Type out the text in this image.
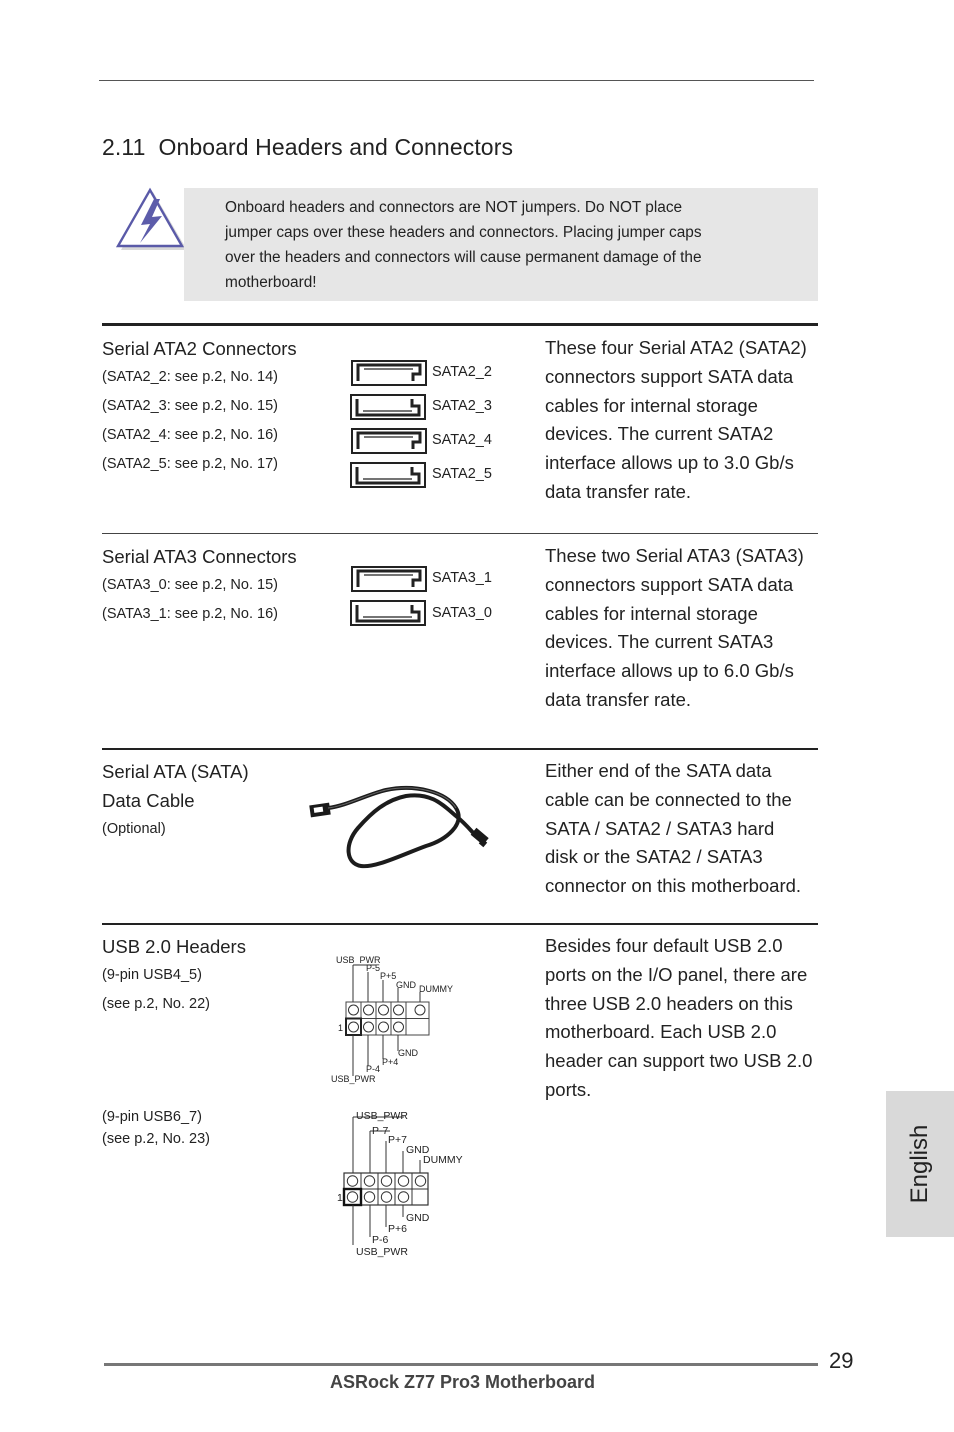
2.11 Onboard Headers and Connectors
Onboard headers and connectors are NOT jumpers. Do NOT place
jumper caps over these headers and connectors. Placing jumper caps
over the headers and connectors will cause permanent damage of the
motherboard!
Serial ATA2 Connectors
(SATA2_2: see p.2, No. 14)
(SATA2_3: see p.2, No. 15)
(SATA2_4: see p.2, No. 16)
(SATA2_5: see p.2, No. 17)
SATA2_2
SATA2_3
SATA2_4
SATA2_5
These four Serial ATA2 (SATA2)
connectors support SATA data
cables for internal storage
devices. The current SATA2
interface allows up to 3.0 Gb/s
data transfer rate.
Serial ATA3 Connectors
(SATA3_0: see p.2, No. 15)
(SATA3_1: see p.2, No. 16)
SATA3_1
SATA3_0
These two Serial ATA3 (SATA3)
connectors support SATA data
cables for internal storage
devices. The current SATA3
interface allows up to 6.0 Gb/s
data transfer rate.
Serial ATA (SATA)
Data Cable
(Optional)
Either end of the SATA data
cable can be connected to the
SATA / SATA2 / SATA3 hard
disk or the SATA2 / SATA3
connector on this motherboard.
USB 2.0 Headers
(9-pin USB4_5)
(see p.2, No. 22)
USB_PWR
P-5
P+5
GND DUMMY
1
GND
P+4
P-4
USB_PWR
Besides four default USB 2.0
ports on the I/O panel, there are
three USB 2.0 headers on this
motherboard. Each USB 2.0
header can support two USB 2.0
ports.
(9-pin USB6_7)
(see p.2, No. 23)
USB_PWR
P-7
P+7
GND
DUMMY
1
GND
P+6
P-6
USB_PWR
English
29
ASRock Z77 Pro3 Motherboard
